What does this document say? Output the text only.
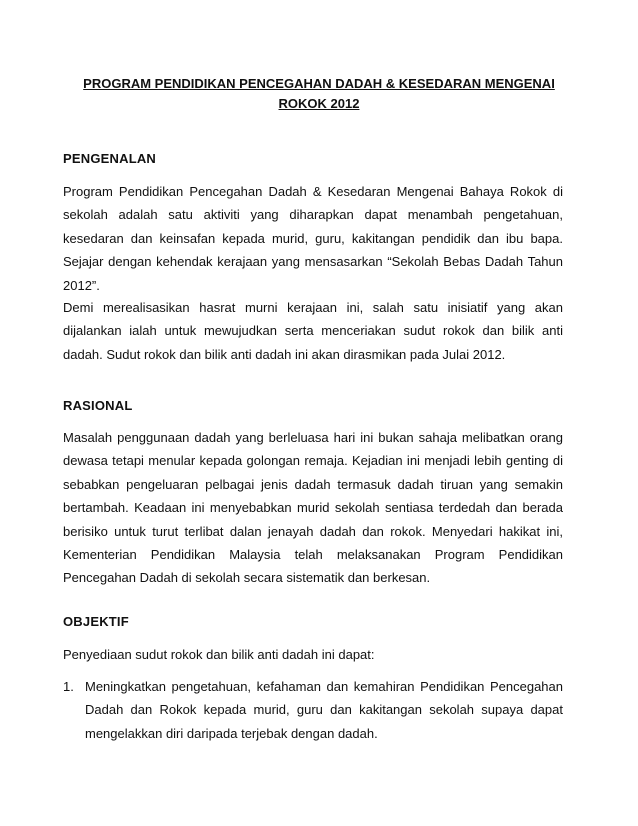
PROGRAM PENDIDIKAN PENCEGAHAN DADAH & KESEDARAN MENGENAI
ROKOK 2012
PENGENALAN
Program Pendidikan Pencegahan Dadah & Kesedaran Mengenai Bahaya Rokok di sekolah adalah satu aktiviti yang diharapkan dapat menambah pengetahuan, kesedaran dan keinsafan kepada murid, guru, kakitangan pendidik dan ibu bapa. Sejajar dengan kehendak kerajaan yang mensasarkan “Sekolah Bebas Dadah Tahun 2012”.
Demi merealisasikan hasrat murni kerajaan ini, salah satu inisiatif yang akan dijalankan ialah untuk mewujudkan serta menceriakan sudut rokok dan bilik anti dadah. Sudut rokok dan bilik anti dadah ini akan dirasmikan pada Julai 2012.
RASIONAL
Masalah penggunaan dadah yang berleluasa hari ini bukan sahaja melibatkan orang dewasa tetapi menular kepada golongan remaja. Kejadian ini menjadi lebih genting di sebabkan pengeluaran pelbagai jenis dadah termasuk dadah tiruan yang semakin bertambah. Keadaan ini menyebabkan murid sekolah sentiasa terdedah dan berada berisiko untuk turut terlibat dalan jenayah dadah dan rokok. Menyedari hakikat ini, Kementerian Pendidikan Malaysia telah melaksanakan Program Pendidikan Pencegahan Dadah di sekolah secara sistematik dan berkesan.
OBJEKTIF
Penyediaan sudut rokok dan bilik anti dadah ini dapat:
1. Meningkatkan pengetahuan, kefahaman dan kemahiran Pendidikan Pencegahan Dadah dan Rokok kepada murid, guru dan kakitangan sekolah supaya dapat mengelakkan diri daripada terjebak dengan dadah.
